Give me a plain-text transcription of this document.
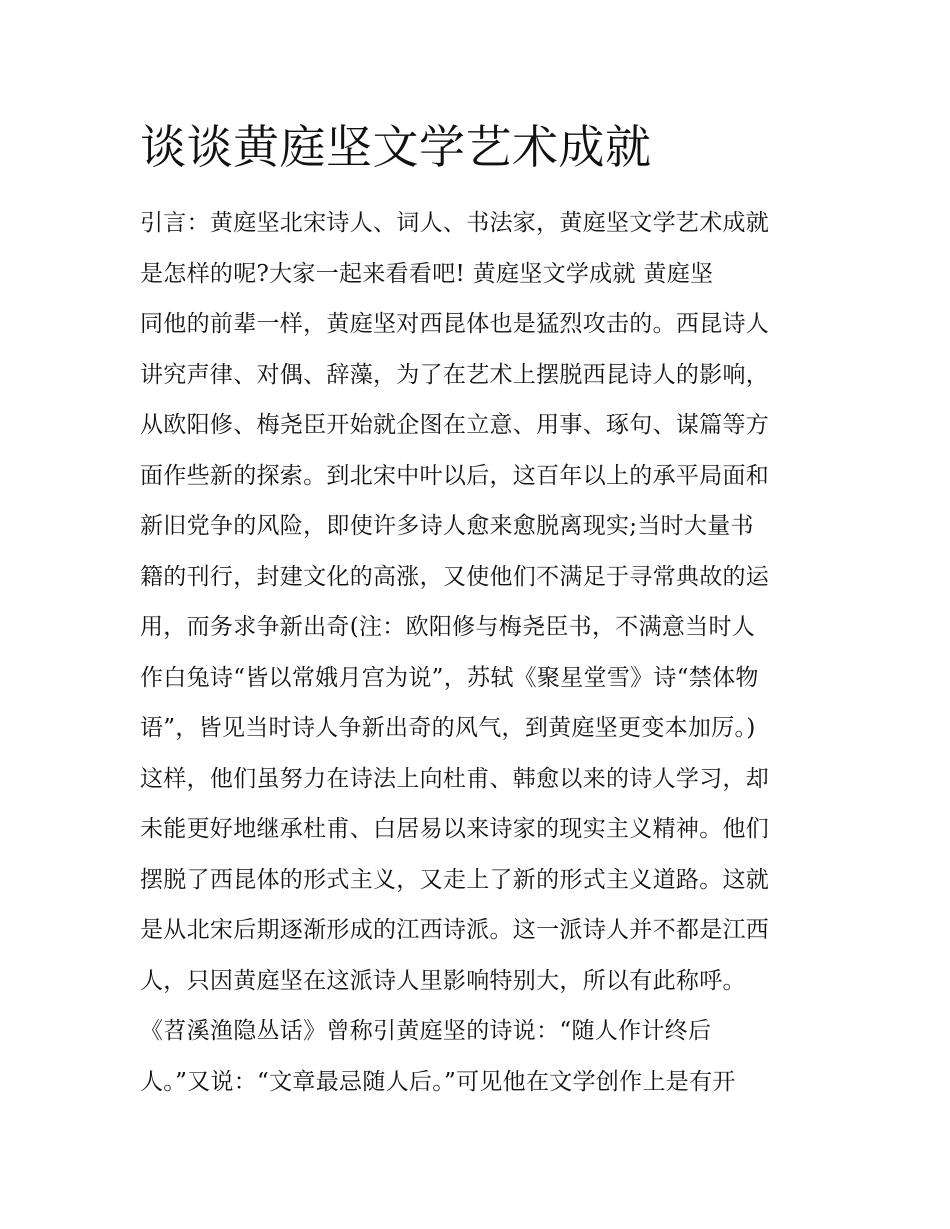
谈谈黄庭坚文学艺术成就
引言：黄庭坚北宋诗人、词人、书法家，黄庭坚文学艺术成就
是怎样的呢?大家一起来看看吧! 黄庭坚文学成就 黄庭坚
同他的前辈一样，黄庭坚对西昆体也是猛烈攻击的。西昆诗人
讲究声律、对偶、辞藻，为了在艺术上摆脱西昆诗人的影响，
从欧阳修、梅尧臣开始就企图在立意、用事、琢句、谋篇等方
面作些新的探索。到北宋中叶以后，这百年以上的承平局面和
新旧党争的风险，即使许多诗人愈来愈脱离现实;当时大量书
籍的刊行，封建文化的高涨，又使他们不满足于寻常典故的运
用，而务求争新出奇(注：欧阳修与梅尧臣书，不满意当时人
作白兔诗“皆以常娥月宫为说”，苏轼《聚星堂雪》诗“禁体物
语”，皆见当时诗人争新出奇的风气，到黄庭坚更变本加厉。)
这样，他们虽努力在诗法上向杜甫、韩愈以来的诗人学习，却
未能更好地继承杜甫、白居易以来诗家的现实主义精神。他们
摆脱了西昆体的形式主义，又走上了新的形式主义道路。这就
是从北宋后期逐渐形成的江西诗派。这一派诗人并不都是江西
人，只因黄庭坚在这派诗人里影响特别大，所以有此称呼。
《苕溪渔隐丛话》曾称引黄庭坚的诗说：“随人作计终后
人。”又说：“文章最忌随人后。”可见他在文学创作上是有开
